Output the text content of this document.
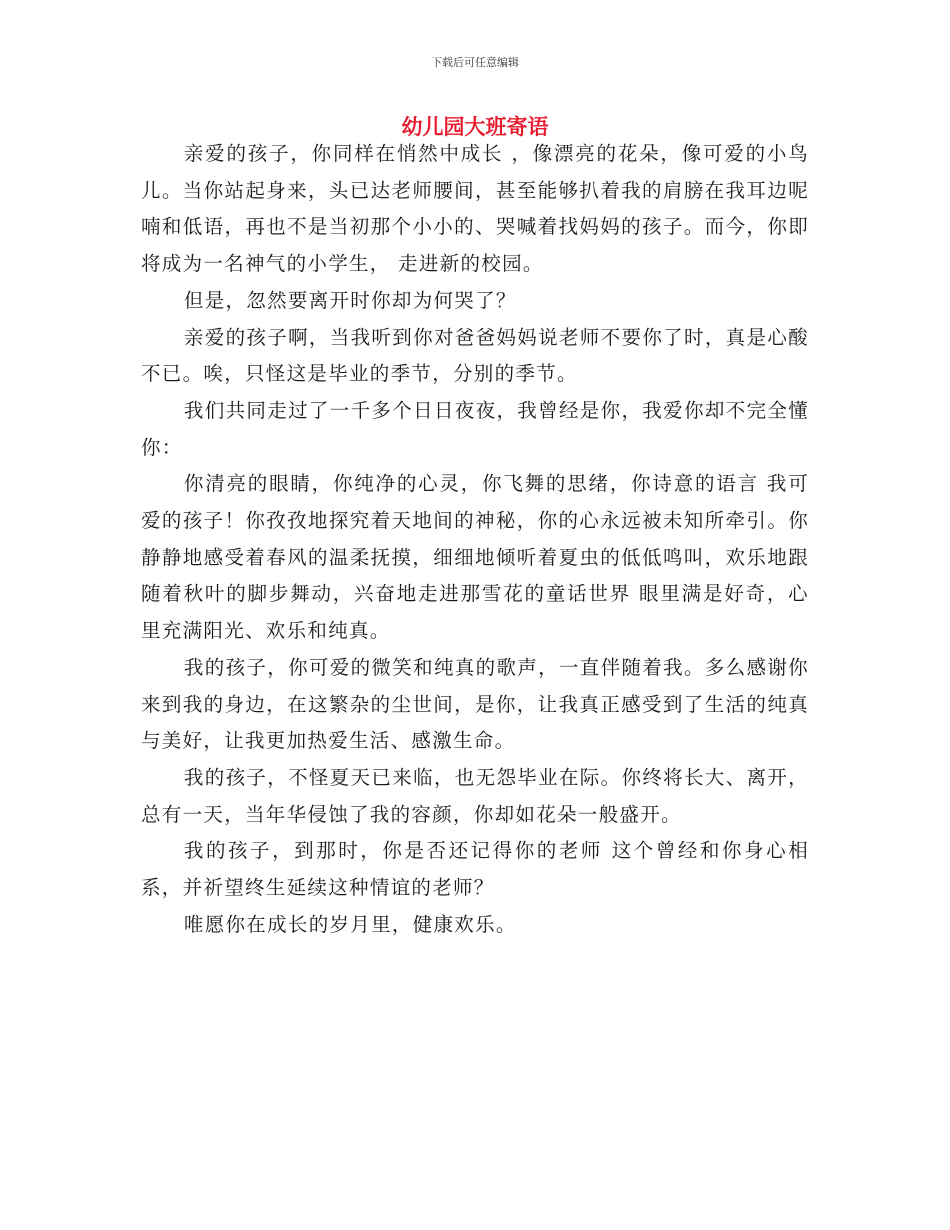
下载后可任意编辑
幼儿园大班寄语

亲爱的孩子，你同样在悄然中成长 ，像漂亮的花朵，像可爱的小鸟儿。当你站起身来，头已达老师腰间，甚至能够扒着我的肩膀在我耳边呢喃和低语，再也不是当初那个小小的、哭喊着找妈妈的孩子。而今，你即将成为一名神气的小学生， 走进新的校园。

但是，忽然要离开时你却为何哭了？

亲爱的孩子啊，当我听到你对爸爸妈妈说老师不要你了时，真是心酸不已。唉，只怪这是毕业的季节，分别的季节。

我们共同走过了一千多个日日夜夜，我曾经是你，我爱你却不完全懂你：

你清亮的眼睛，你纯净的心灵，你飞舞的思绪，你诗意的语言 我可爱的孩子！你孜孜地探究着天地间的神秘，你的心永远被未知所牵引。你静静地感受着春风的温柔抚摸，细细地倾听着夏虫的低低鸣叫，欢乐地跟随着秋叶的脚步舞动，兴奋地走进那雪花的童话世界 眼里满是好奇，心里充满阳光、欢乐和纯真。

我的孩子，你可爱的微笑和纯真的歌声，一直伴随着我。多么感谢你来到我的身边，在这繁杂的尘世间，是你，让我真正感受到了生活的纯真与美好，让我更加热爱生活、感激生命。

我的孩子，不怪夏天已来临，也无怨毕业在际。你终将长大、离开，总有一天，当年华侵蚀了我的容颜，你却如花朵一般盛开。

我的孩子，到那时，你是否还记得你的老师 这个曾经和你身心相系，并祈望终生延续这种情谊的老师？

唯愿你在成长的岁月里，健康欢乐。
